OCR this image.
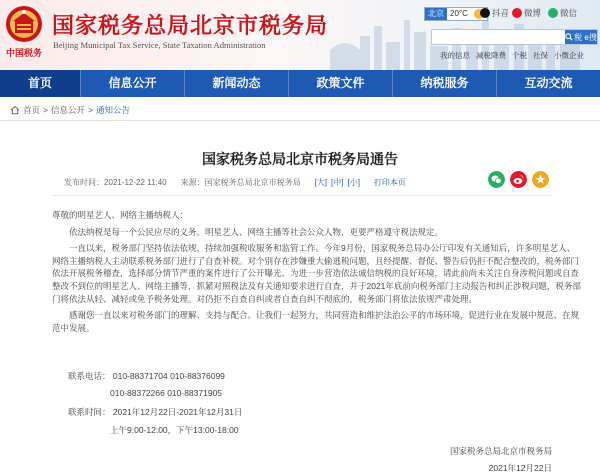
中国税务
国家税务总局北京市税务局
Beijing Municipal Tax Service, State Taxation Administration
北京 20°C	抖音 微博 微信
税 e搜
我的信息 减税降费 个税 社保 小微企业
首页	信息公开	新闻动态	政策文件	纳税服务	互动交流
首页 > 信息公开 > 通知公告
国家税务总局北京市税务局通告
发布时间： 2021-12-22 11:40 来源： 国家税务总局北京市税务局 [大] [中] [小] 打印本页

尊敬的明星艺人、网络主播纳税人：

依法纳税是每一个公民应尽的义务。明星艺人、网络主播等社会公众人物，更要严格遵守税法规定。

一直以来，税务部门坚持依法依规，持续加强税收服务和监管工作。今年9月份，国家税务总局办公厅印发有关通知后，许多明星艺人、网络主播纳税人主动联系税务部门进行了自查补税。对个别存在涉嫌重大偷逃税问题，且经提醒、督促、警告后仍拒不配合整改的，税务部门依法开展税务稽查，选择部分情节严重的案件进行了公开曝光。为进一步营造依法诚信纳税的良好环境，请此前尚未关注自身涉税问题或自查整改不到位的明星艺人、网络主播等，抓紧对照税法及有关通知要求进行自查，并于2021年底前向税务部门主动报告和纠正涉税问题，税务部门将依法从轻、减轻或免予税务处理。对仍拒不自查自纠或者自查自纠不彻底的，税务部门将依法依规严肃处理。

感谢您一直以来对税务部门的理解、支持与配合。让我们一起努力，共同营造和维护法治公平的市场环境，促进行业在发展中规范、在规范中发展。

联系电话： 010-88371704 010-88376099
010-88372266 010-88371905
联系时间： 2021年12月22日-2021年12月31日
上午9:00-12:00，下午13:00-18:00
国家税务总局北京市税务局
2021年12月22日
